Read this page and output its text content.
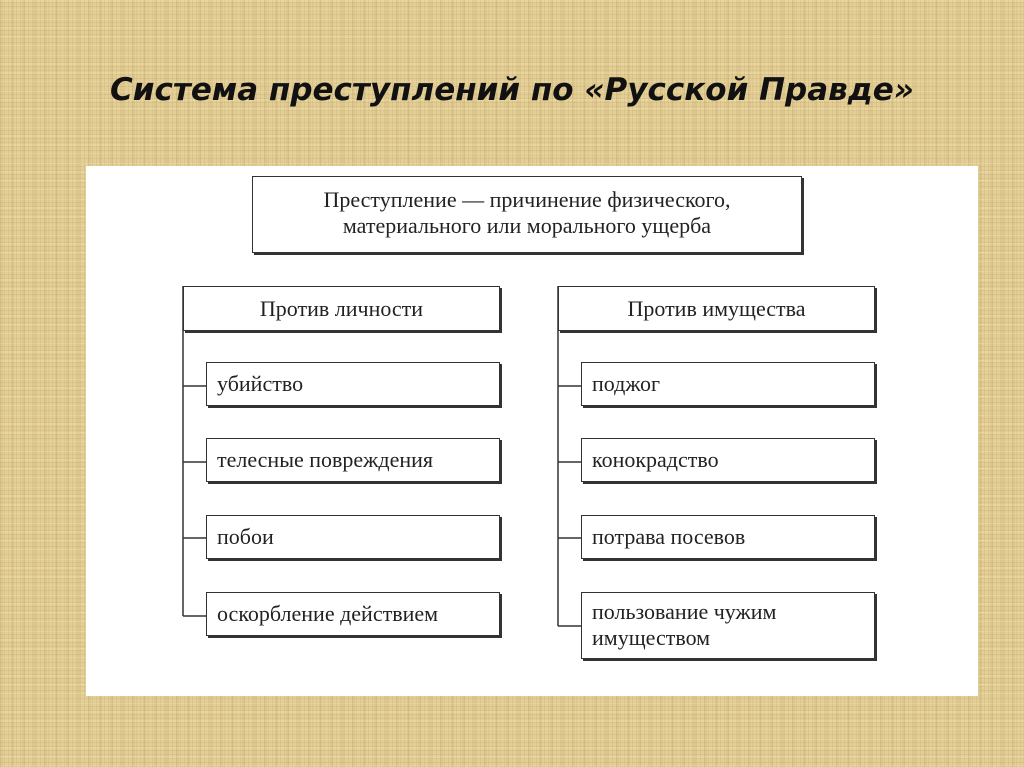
Система преступлений по «Русской Правде»
Преступление — причинение физического,
материального или морального ущерба
Против личности
убийство
телесные повреждения
побои
оскорбление действием
Против имущества
поджог
конокрадство
потрава посевов
пользование чужим
имуществом
